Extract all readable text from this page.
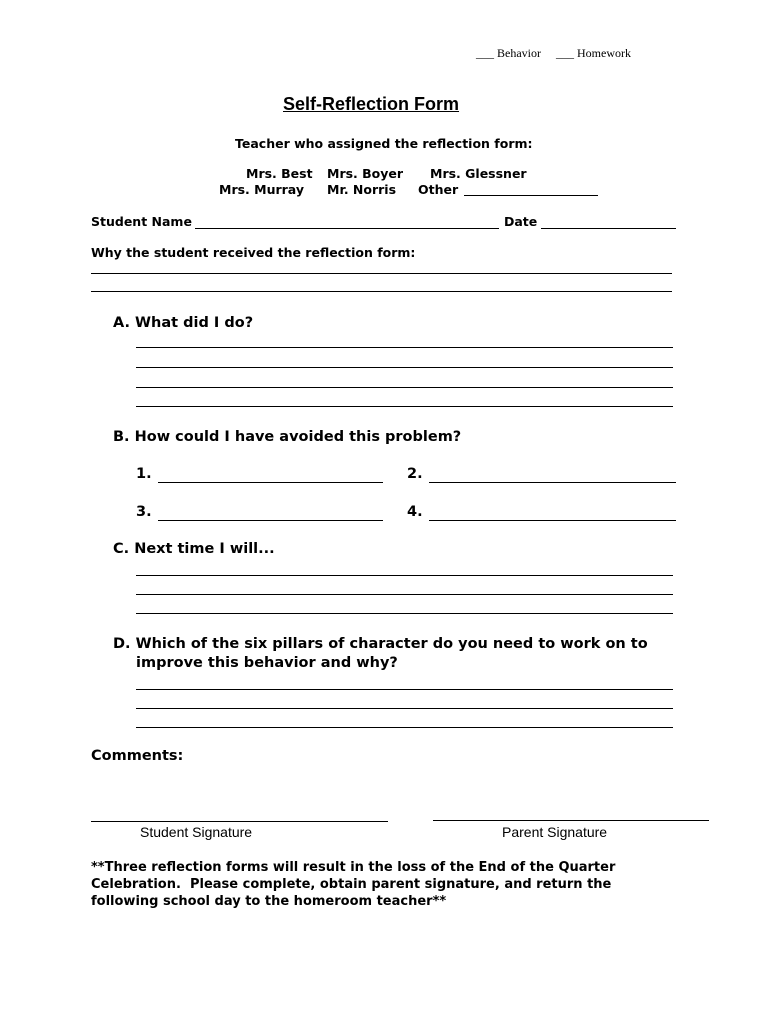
___ Behavior ___ Homework
Self-Reflection Form
Teacher who assigned the reflection form:
Mrs. Best Mrs. Boyer Mrs. Glessner
Mrs. Murray Mr. Norris Other
Student Name	Date
Why the student received the reflection form:
A. What did I do?
B. How could I have avoided this problem?
1.	2.
3.	4.
C. Next time I will...
D. Which of the six pillars of character do you need to work on to
improve this behavior and why?
Comments:
Student Signature	Parent Signature
**Three reflection forms will result in the loss of the End of the Quarter
Celebration.  Please complete, obtain parent signature, and return the
following school day to the homeroom teacher**
